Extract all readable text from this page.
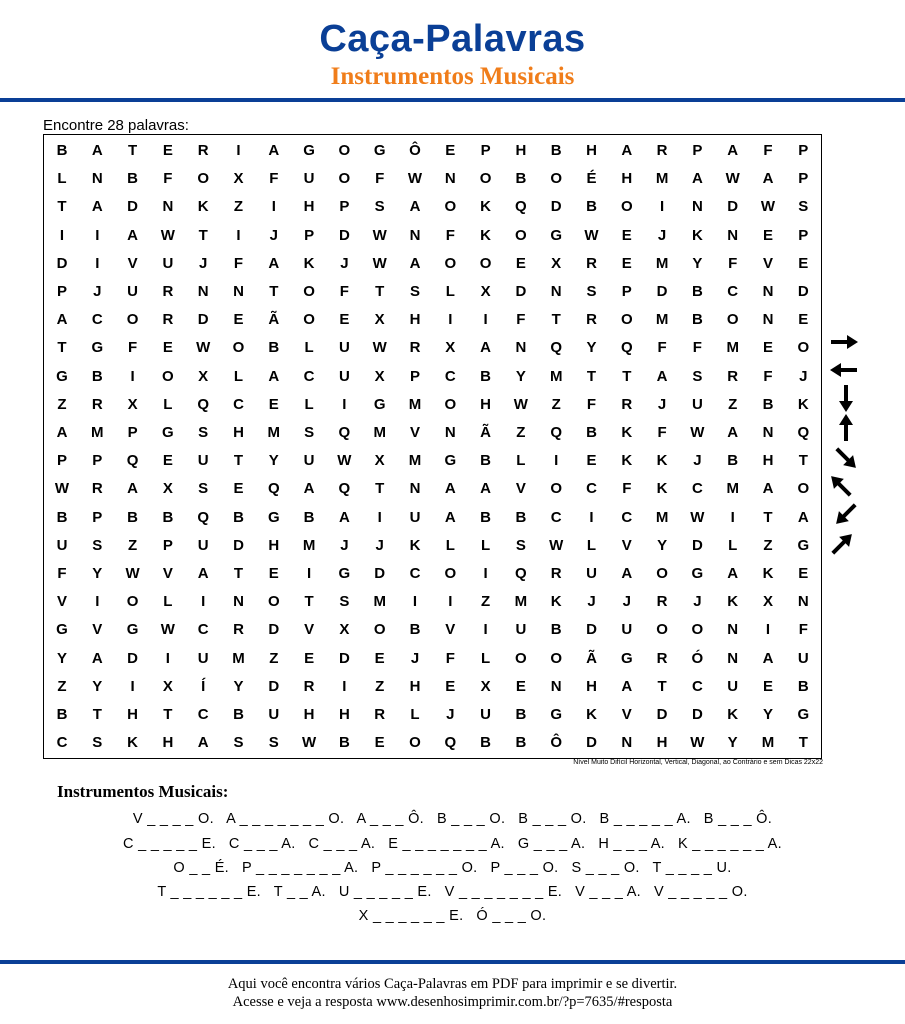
Caça-Palavras
Instrumentos Musicais
Encontre 28 palavras:
B	A	T	E	R	I	A	G	O	G	Ô	E	P	H	B	H	A	R	P	A	F	P
L	N	B	F	O	X	F	U	O	F	W	N	O	B	O	É	H	M	A	W	A	P
T	A	D	N	K	Z	I	H	P	S	A	O	K	Q	D	B	O	I	N	D	W	S
I	I	A	W	T	I	J	P	D	W	N	F	K	O	G	W	E	J	K	N	E	P
D	I	V	U	J	F	A	K	J	W	A	O	O	E	X	R	E	M	Y	F	V	E
P	J	U	R	N	N	T	O	F	T	S	L	X	D	N	S	P	D	B	C	N	D
A	C	O	R	D	E	Ã	O	E	X	H	I	I	F	T	R	O	M	B	O	N	E
T	G	F	E	W	O	B	L	U	W	R	X	A	N	Q	Y	Q	F	F	M	E	O
G	B	I	O	X	L	A	C	U	X	P	C	B	Y	M	T	T	A	S	R	F	J
Z	R	X	L	Q	C	E	L	I	G	M	O	H	W	Z	F	R	J	U	Z	B	K
A	M	P	G	S	H	M	S	Q	M	V	N	Ã	Z	Q	B	K	F	W	A	N	Q
P	P	Q	E	U	T	Y	U	W	X	M	G	B	L	I	E	K	K	J	B	H	T
W	R	A	X	S	E	Q	A	Q	T	N	A	A	V	O	C	F	K	C	M	A	O
B	P	B	B	Q	B	G	B	A	I	U	A	B	B	C	I	C	M	W	I	T	A
U	S	Z	P	U	D	H	M	J	J	K	L	L	S	W	L	V	Y	D	L	Z	G
F	Y	W	V	A	T	E	I	G	D	C	O	I	Q	R	U	A	O	G	A	K	E
V	I	O	L	I	N	O	T	S	M	I	I	Z	M	K	J	J	R	J	K	X	N
G	V	G	W	C	R	D	V	X	O	B	V	I	U	B	D	U	O	O	N	I	F
Y	A	D	I	U	M	Z	E	D	E	J	F	L	O	O	Ã	G	R	Ó	N	A	U
Z	Y	I	X	Í	Y	D	R	I	Z	H	E	X	E	N	H	A	T	C	U	E	B
B	T	H	T	C	B	U	H	H	R	L	J	U	B	G	K	V	D	D	K	Y	G
C	S	K	H	A	S	S	W	B	E	O	Q	B	B	Ô	D	N	H	W	Y	M	T
Nível Muito Difícil Horizontal, Vertical, Diagonal, ao Contrário e sem Dicas 22x22
Instrumentos Musicais:
V _ _ _ _ O.   A _ _ _ _ _ _ _ O.   A _ _ _ Ô.   B _ _ _ O.   B _ _ _ O.   B _ _ _ _ _ A.   B _ _ _ Ô.
C _ _ _ _ _ E.   C _ _ _ A.   C _ _ _ A.   E _ _ _ _ _ _ _ A.   G _ _ _ A.   H _ _ _ A.   K _ _ _ _ _ _ A.
O _ _ É.   P _ _ _ _ _ _ _ A.   P _ _ _ _ _ _ O.   P _ _ _ O.   S _ _ _ O.   T _ _ _ _ U.
T _ _ _ _ _ _ E.   T _ _ A.   U _ _ _ _ _ E.   V _ _ _ _ _ _ _ E.   V _ _ _ A.   V _ _ _ _ _ O.
X _ _ _ _ _ _ E.   Ó _ _ _ O.
Aqui você encontra vários Caça-Palavras em PDF para imprimir e se divertir.
Acesse e veja a resposta www.desenhosimprimir.com.br/?p=7635/#resposta
